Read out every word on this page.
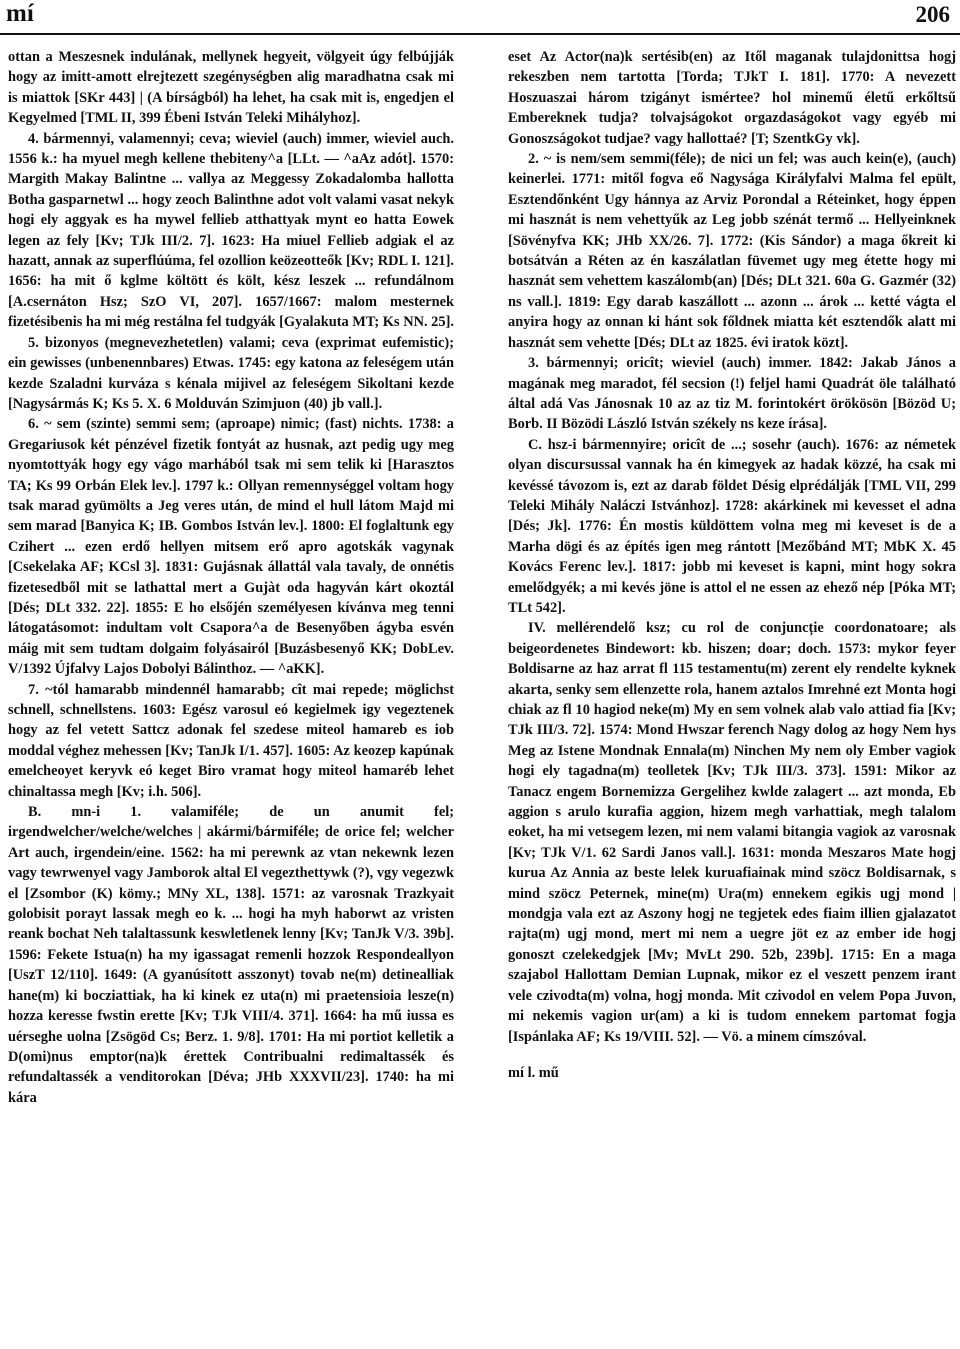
mí	206

ottan a Meszesnek indulának, mellynek hegyeit, völgyeit úgy felbújják hogy az imitt-amott elrejtezett szegénységben alig maradhatna csak mi is miattok [SKr 443] | (A bírságból) ha lehet, ha csak mit is, engedjen el Kegyelmed [TML II, 399 Ébeni István Teleki Mihályhoz].

4. bármennyi, valamennyi; ceva; wieviel (auch) immer, wieviel auch. 1556 k.: ha myuel megh kellene thebiteny^a [LLt. — ^aAz adót]. 1570: Margith Makay Balintne ... vallya az Meggessy Zokadalomba hallotta Botha gasparnetwl ... hogy zeoch Balinthne adot volt valami vasat nekyk hogi ely aggyak es ha mywel fellieb atthattyak mynt eo hatta Eowek legen az fely [Kv; TJk III/2. 7]. 1623: Ha miuel Fellieb adgiak el az hazatt, annak az superflúúma, fel ozollion keözeotteők [Kv; RDL I. 121]. 1656: ha mit ő kglme költött és költ, kész leszek ... refundálnom [A.csernáton Hsz; SzO VI, 207]. 1657/1667: malom mesternek fizetésibenis ha mi még restálna fel tudgyák [Gyalakuta MT; Ks NN. 25].

5. bizonyos (megnevezhetetlen) valami; ceva (exprimat eufemistic); ein gewisses (unbenennbares) Etwas. 1745: egy katona az feleségem után kezde Szaladni kurváza s kénala mijivel az feleségem Sikoltani kezde [Nagysármás K; Ks 5. X. 6 Molduván Szimjuon (40) jb vall.].

6. ~ sem (szinte) semmi sem; (aproape) nimic; (fast) nichts. 1738: a Gregariusok két pénzével fizetik fontyát az husnak, azt pedig ugy meg nyomtottyák hogy egy vágo marhából tsak mi sem telik ki [Harasztos TA; Ks 99 Orbán Elek lev.]. 1797 k.: Ollyan remennységgel voltam hogy tsak marad gyümölts a Jeg veres után, de mind el hull látom Majd mi sem marad [Banyica K; IB. Gombos István lev.]. 1800: El foglaltunk egy Czihert ... ezen erdő hellyen mitsem erő apro agotskák vagynak [Csekelaka AF; KCsl 3]. 1831: Gujásnak állattál vala tavaly, de onnétis fizetesedből mit se lathattal mert a Gujàt oda hagyván kárt okoztál [Dés; DLt 332. 22]. 1855: E ho elsőjén személyesen kívánva meg tenni látogatásomot: indultam volt Csapora^a de Besenyőben ágyba esvén máig mit sem tudtam dolgaim folyásairól [Buzásbesenyő KK; DobLev. V/1392 Újfalvy Lajos Dobolyi Bálinthoz. — ^aKK].

7. ~tól hamarabb mindennél hamarabb; cît mai repede; möglichst schnell, schnellstens. 1603: Egész varosul eó kegielmek igy vegeztenek hogy az fel vetett Sattcz adonak fel szedese miteol hamareb es iob moddal véghez mehessen [Kv; TanJk I/1. 457]. 1605: Az keozep kapúnak emelcheoyet keryvk eó keget Biro vramat hogy miteol hamaréb lehet chinaltassa megh [Kv; i.h. 506].

B. mn-i 1. valamiféle; de un anumit fel; irgendwelcher/welche/welches | akármi/bármiféle; de orice fel; welcher Art auch, irgendein/eine. 1562: ha mi perewnk az vtan nekewnk lezen vagy tewrwenyel vagy Jamborok altal El vegezthettywk (?), vgy vegezwk el [Zsombor (K) kömy.; MNy XL, 138]. 1571: az varosnak Trazkyait golobisit porayt lassak megh eo k. ... hogi ha myh haborwt az vristen reank bochat Neh talaltassunk keswletlenek lenny [Kv; TanJk V/3. 39b]. 1596: Fekete Istua(n) ha my igassagat remenli hozzok Respondeallyon [UszT 12/110]. 1649: (A gyanúsított asszonyt) tovab ne(m) detinealliak hane(m) ki bocziattiak, ha ki kinek ez uta(n) mi praetensioia lesze(n) hozza keresse fwstin erette [Kv; TJk VIII/4. 371]. 1664: ha mű iussa es uérseghe uolna [Zsögöd Cs; Berz. 1. 9/8]. 1701: Ha mi portiot kelletik a D(omi)nus emptor(na)k érettek Contribualni redimaltassék és refundaltassék a venditorokan [Déva; JHb XXXVII/23]. 1740: ha mi kára

eset Az Actor(na)k sertésib(en) az Itől maganak tulajdonittsa hogj rekeszben nem tartotta [Torda; TJkT I. 181]. 1770: A nevezett Hoszuaszai három tzigányt ismértee? hol minemű életű erkőltsű Embereknek tudja? tolvajságokot orgazdaságokot vagy egyéb mi Gonoszságokot tudjae? vagy hallottaé? [T; SzentkGy vk].

2. ~ is nem/sem semmi(féle); de nici un fel; was auch kein(e), (auch) keinerlei. 1771: mitől fogva eő Nagysága Királyfalvi Malma fel epült, Esztendőnként Ugy hánnya az Arviz Porondal a Réteinket, hogy éppen mi hasznát is nem vehettyűk az Leg jobb szénát termő ... Hellyeinknek [Sövényfva KK; JHb XX/26. 7]. 1772: (Kis Sándor) a maga őkreit ki botsátván a Réten az én kaszálatlan füvemet ugy meg étette hogy mi hasznát sem vehettem kaszálomb(an) [Dés; DLt 321. 60a G. Gazmér (32) ns vall.]. 1819: Egy darab kaszállott ... azonn ... árok ... ketté vágta el anyira hogy az onnan ki hánt sok főldnek miatta két esztendők alatt mi hasznát sem vehette [Dés; DLt az 1825. évi iratok közt].

3. bármennyi; oricît; wieviel (auch) immer. 1842: Jakab János a magának meg maradot, fél secsion (!) feljel hami Quadrát öle található által adá Vas Jánosnak 10 az az tiz M. forintokért örökösön [Bözöd U; Borb. II Bözödi László István székely ns keze írása].

C. hsz-i bármennyire; oricît de ...; sosehr (auch). 1676: az németek olyan discursussal vannak ha én kimegyek az hadak közzé, ha csak mi kevéssé távozom is, ezt az darab földet Désig elprédálják [TML VII, 299 Teleki Mihály Naláczi Istvánhoz]. 1728: akárkinek mi kevesset el adna [Dés; Jk]. 1776: Én mostis küldöttem volna meg mi keveset is de a Marha dögi és az építés igen meg rántott [Mezőbánd MT; MbK X. 45 Kovács Ferenc lev.]. 1817: jobb mi keveset is kapni, mint hogy sokra emelődgyék; a mi kevés jöne is attol el ne essen az ehező nép [Póka MT; TLt 542].

IV. mellérendelő ksz; cu rol de conjuncție coordonatoare; als beigeordenetes Bindewort: kb. hiszen; doar; doch. 1573: mykor feyer Boldisarne az haz arrat fl 115 testamentu(m) zerent ely rendelte kyknek akarta, senky sem ellenzette rola, hanem aztalos Imrehné ezt Monta hogi chiak az fl 10 hagiod neke(m) My en sem volnek alab valo attiad fia [Kv; TJk III/3. 72]. 1574: Mond Hwszar ferench Nagy dolog az hogy Nem hys Meg az Istene Mondnak Ennala(m) Ninchen My nem oly Ember vagiok hogi ely tagadna(m) teolletek [Kv; TJk III/3. 373]. 1591: Mikor az Tanacz engem Bornemizza Gergelihez kwlde zalagert ... azt monda, Eb aggion s arulo kurafia aggion, hizem megh varhattiak, megh talalom eoket, ha mi vetsegem lezen, mi nem valami bitangia vagiok az varosnak [Kv; TJk V/1. 62 Sardi Janos vall.]. 1631: monda Meszaros Mate hogj kurua Az Annia az beste lelek kuruafiainak mind szöcz Boldisarnak, s mind szöcz Peternek, mine(m) Ura(m) ennekem egikis ugj mond | mondgja vala ezt az Aszony hogj ne tegjetek edes fiaim illien gjalazatot rajta(m) ugj mond, mert mi nem a uegre jöt ez az ember ide hogj gonoszt czelekedgjek [Mv; MvLt 290. 52b, 239b]. 1715: En a maga szajabol Hallottam Demian Lupnak, mikor ez el veszett penzem irant vele czivodta(m) volna, hogj monda. Mit czivodol en velem Popa Juvon, mi nekemis vagion ur(am) a ki is tudom ennekem partomat fogja [Ispánlaka AF; Ks 19/VIII. 52]. — Vö. a minem címszóval.

mí l. mű
